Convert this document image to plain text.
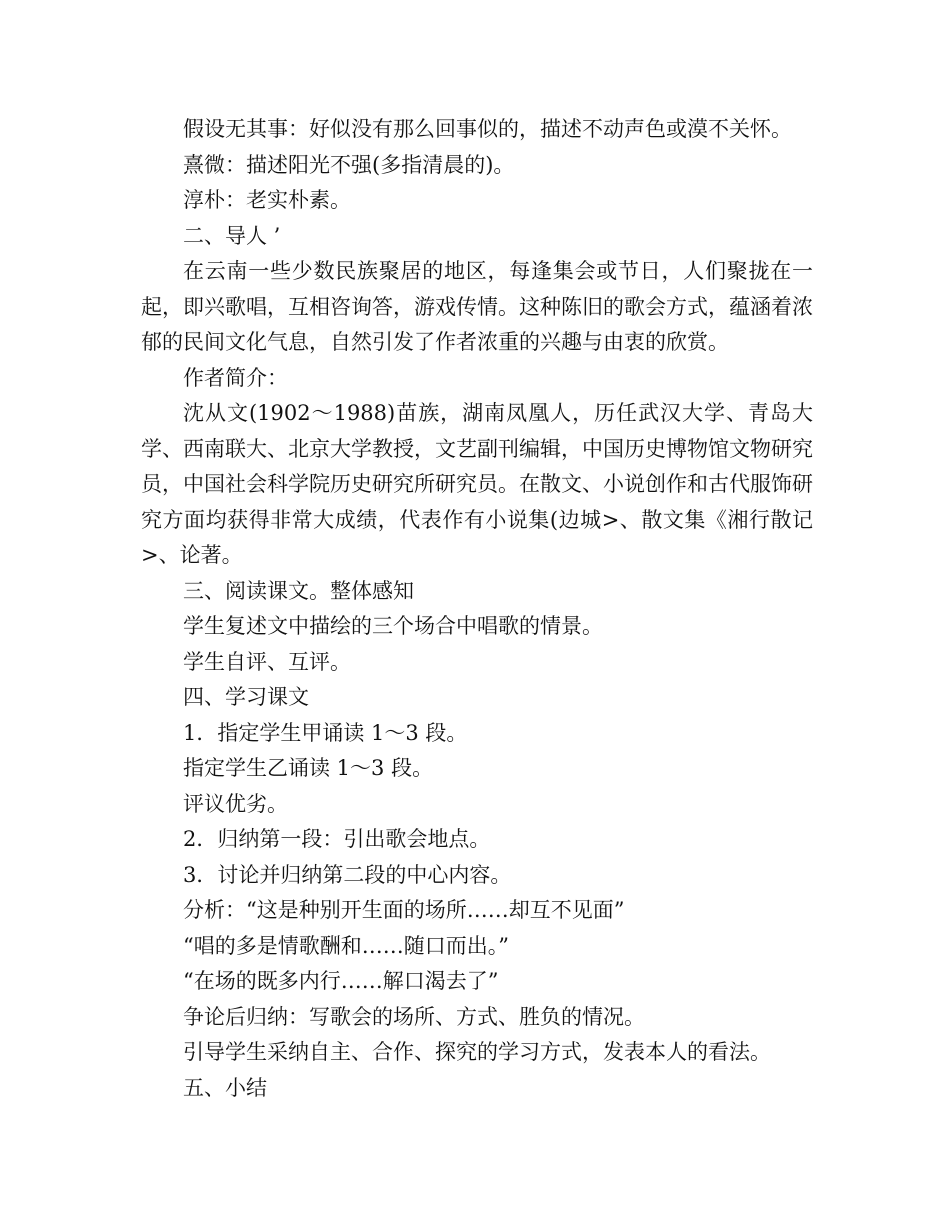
假设无其事：好似没有那么回事似的，描述不动声色或漠不关怀。

熹微：描述阳光不强(多指清晨的)。

淳朴：老实朴素。

二、导人 ’

在云南一些少数民族聚居的地区，每逢集会或节日，人们聚拢在一起，即兴歌唱，互相咨询答，游戏传情。这种陈旧的歌会方式，蕴涵着浓郁的民间文化气息，自然引发了作者浓重的兴趣与由衷的欣赏。

作者简介：

沈从文(1902～1988)苗族，湖南凤凰人，历任武汉大学、青岛大学、西南联大、北京大学教授，文艺副刊编辑，中国历史博物馆文物研究员，中国社会科学院历史研究所研究员。在散文、小说创作和古代服饰研究方面均获得非常大成绩，代表作有小说集(边城>、散文集《湘行散记>、论著。

三、阅读课文。整体感知

学生复述文中描绘的三个场合中唱歌的情景。

学生自评、互评。

四、学习课文

1．指定学生甲诵读 1～3 段。

指定学生乙诵读 1～3 段。

评议优劣。

2．归纳第一段：引出歌会地点。

3．讨论并归纳第二段的中心内容。

分析：“这是种别开生面的场所……却互不见面”

“唱的多是情歌酬和……随口而出。”

“在场的既多内行……解口渴去了”

争论后归纳：写歌会的场所、方式、胜负的情况。

引导学生采纳自主、合作、探究的学习方式，发表本人的看法。

五、小结
